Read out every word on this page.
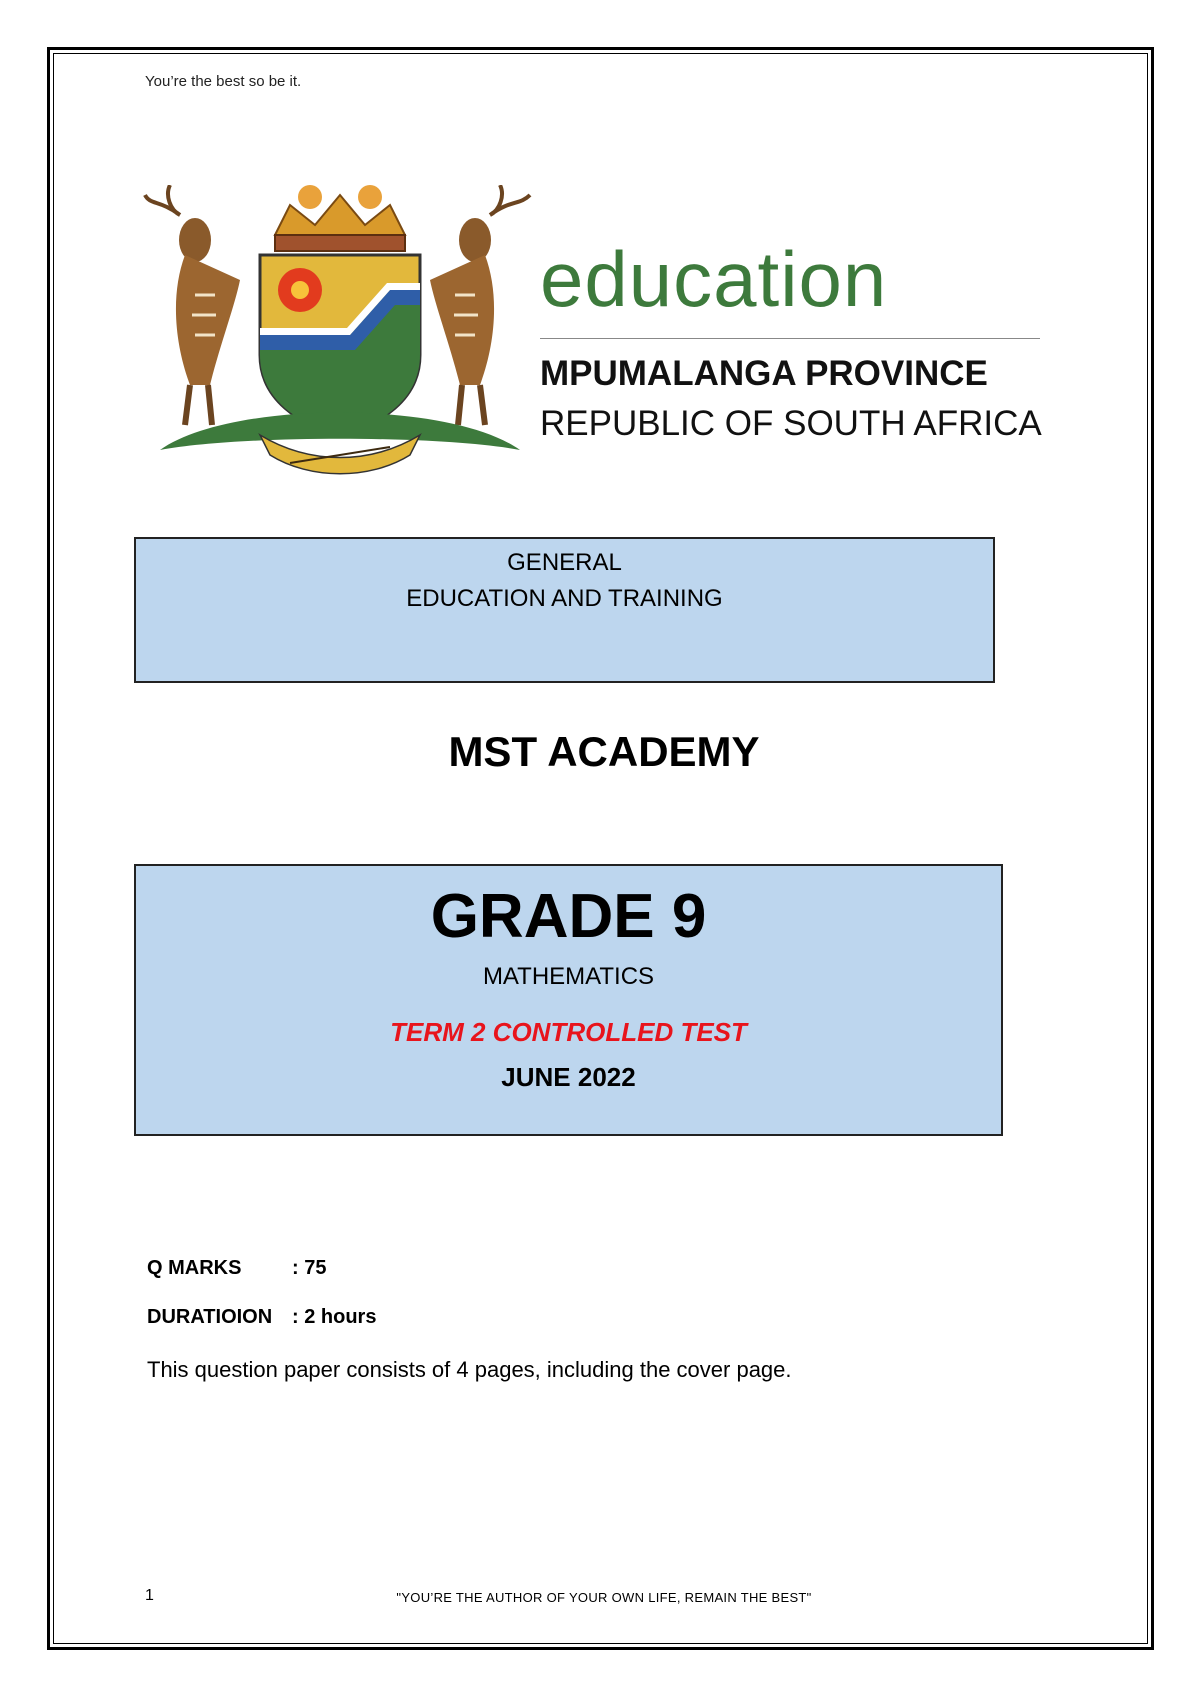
You’re the best so be it.
education
MPUMALANGA PROVINCE
REPUBLIC OF SOUTH AFRICA
GENERAL
EDUCATION AND TRAINING
MST ACADEMY
GRADE 9
MATHEMATICS
TERM 2 CONTROLLED TEST
JUNE 2022
Q MARKS	: 75
DURATIOION : 2 hours
This question paper consists of 4 pages, including the cover page.
1	"YOU’RE THE AUTHOR OF YOUR OWN LIFE, REMAIN THE BEST"
